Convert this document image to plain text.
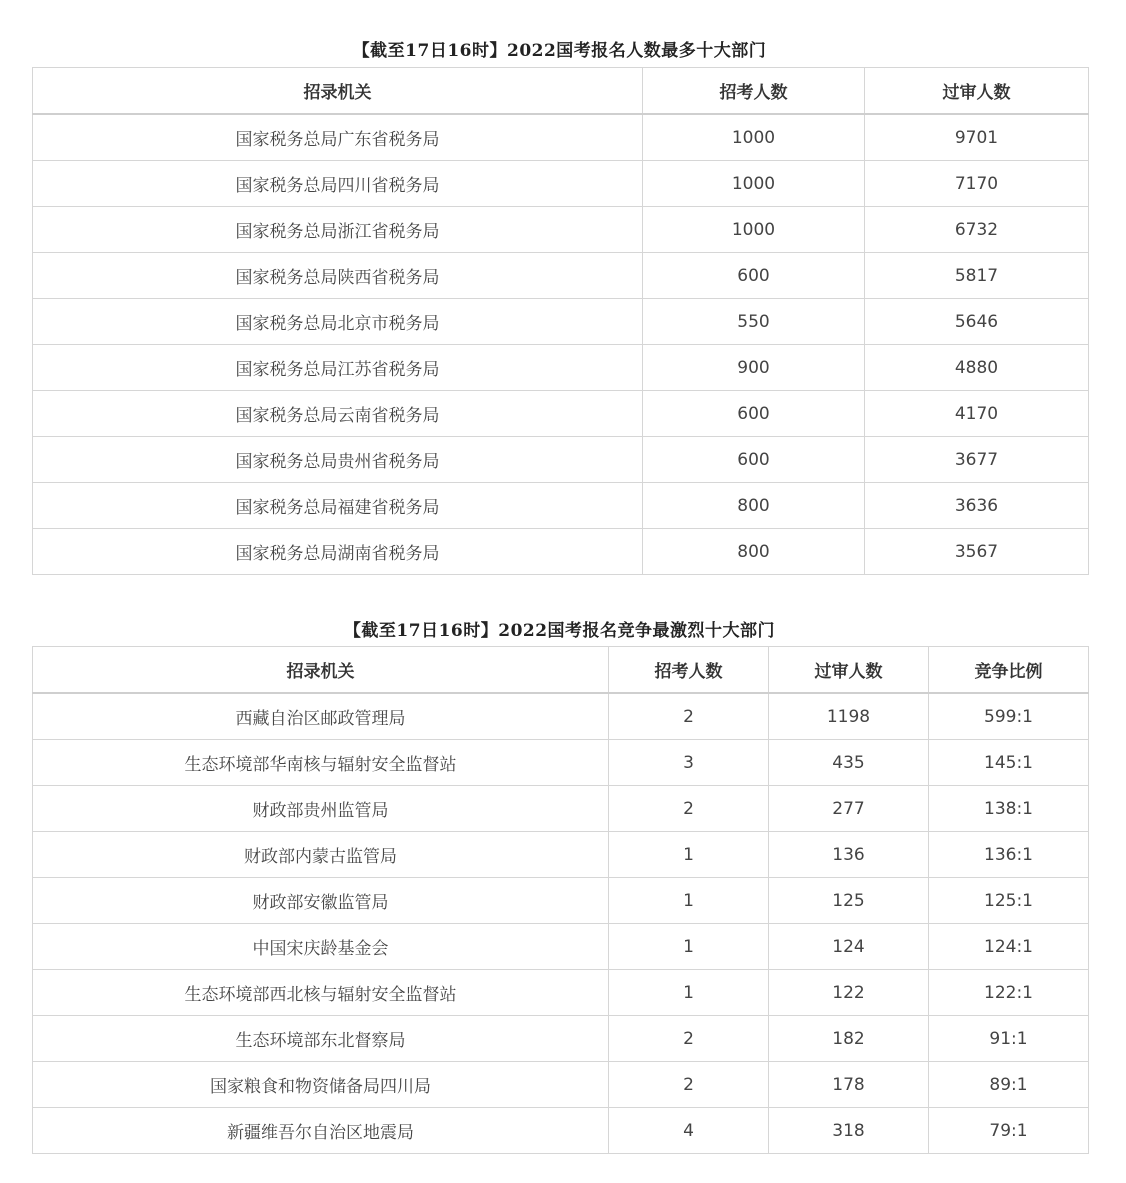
【截至17日16时】2022国考报名人数最多十大部门
招录机关	招考人数	过审人数
国家税务总局广东省税务局	1000	9701
国家税务总局四川省税务局	1000	7170
国家税务总局浙江省税务局	1000	6732
国家税务总局陕西省税务局	600	5817
国家税务总局北京市税务局	550	5646
国家税务总局江苏省税务局	900	4880
国家税务总局云南省税务局	600	4170
国家税务总局贵州省税务局	600	3677
国家税务总局福建省税务局	800	3636
国家税务总局湖南省税务局	800	3567
【截至17日16时】2022国考报名竞争最激烈十大部门
招录机关	招考人数	过审人数	竞争比例
西藏自治区邮政管理局	2	1198	599:1
生态环境部华南核与辐射安全监督站	3	435	145:1
财政部贵州监管局	2	277	138:1
财政部内蒙古监管局	1	136	136:1
财政部安徽监管局	1	125	125:1
中国宋庆龄基金会	1	124	124:1
生态环境部西北核与辐射安全监督站	1	122	122:1
生态环境部东北督察局	2	182	91:1
国家粮食和物资储备局四川局	2	178	89:1
新疆维吾尔自治区地震局	4	318	79:1
